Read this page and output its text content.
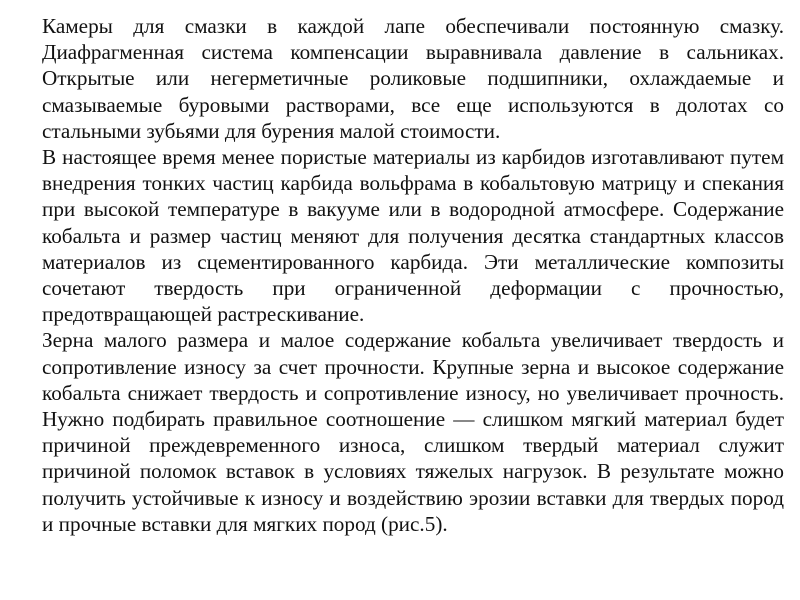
Камеры для смазки в каждой лапе обеспечивали постоянную смазку. Диафрагменная система компенсации выравнивала давление в сальниках. Открытые или негерметичные роликовые подшипники, охлаждаемые и смазываемые буровыми растворами, все еще используются в долотах со стальными зубьями для бурения малой стоимости.

В настоящее время менее пористые материалы из карбидов изготавливают путем внедрения тонких частиц карбида вольфрама в кобальтовую матрицу и спекания при высокой температуре в вакууме или в водородной атмосфере. Содержание кобальта и размер частиц меняют для получения десятка стандартных классов материалов из сцементированного карбида. Эти металлические композиты сочетают твердость при ограниченной деформации с прочностью, предотвращающей растрескивание.

Зерна малого размера и малое содержание кобальта увеличивает твердость и сопротивление износу за счет прочности. Крупные зерна и высокое содержание кобальта снижает твердость и сопротивление износу, но увеличивает прочность. Нужно подбирать правильное соотношение — слишком мягкий материал будет причиной преждевременного износа, слишком твердый материал служит причиной поломок вставок в условиях тяжелых нагрузок. В результате можно получить устойчивые к износу и воздействию эрозии вставки для твердых пород и прочные вставки для мягких пород (рис.5).
